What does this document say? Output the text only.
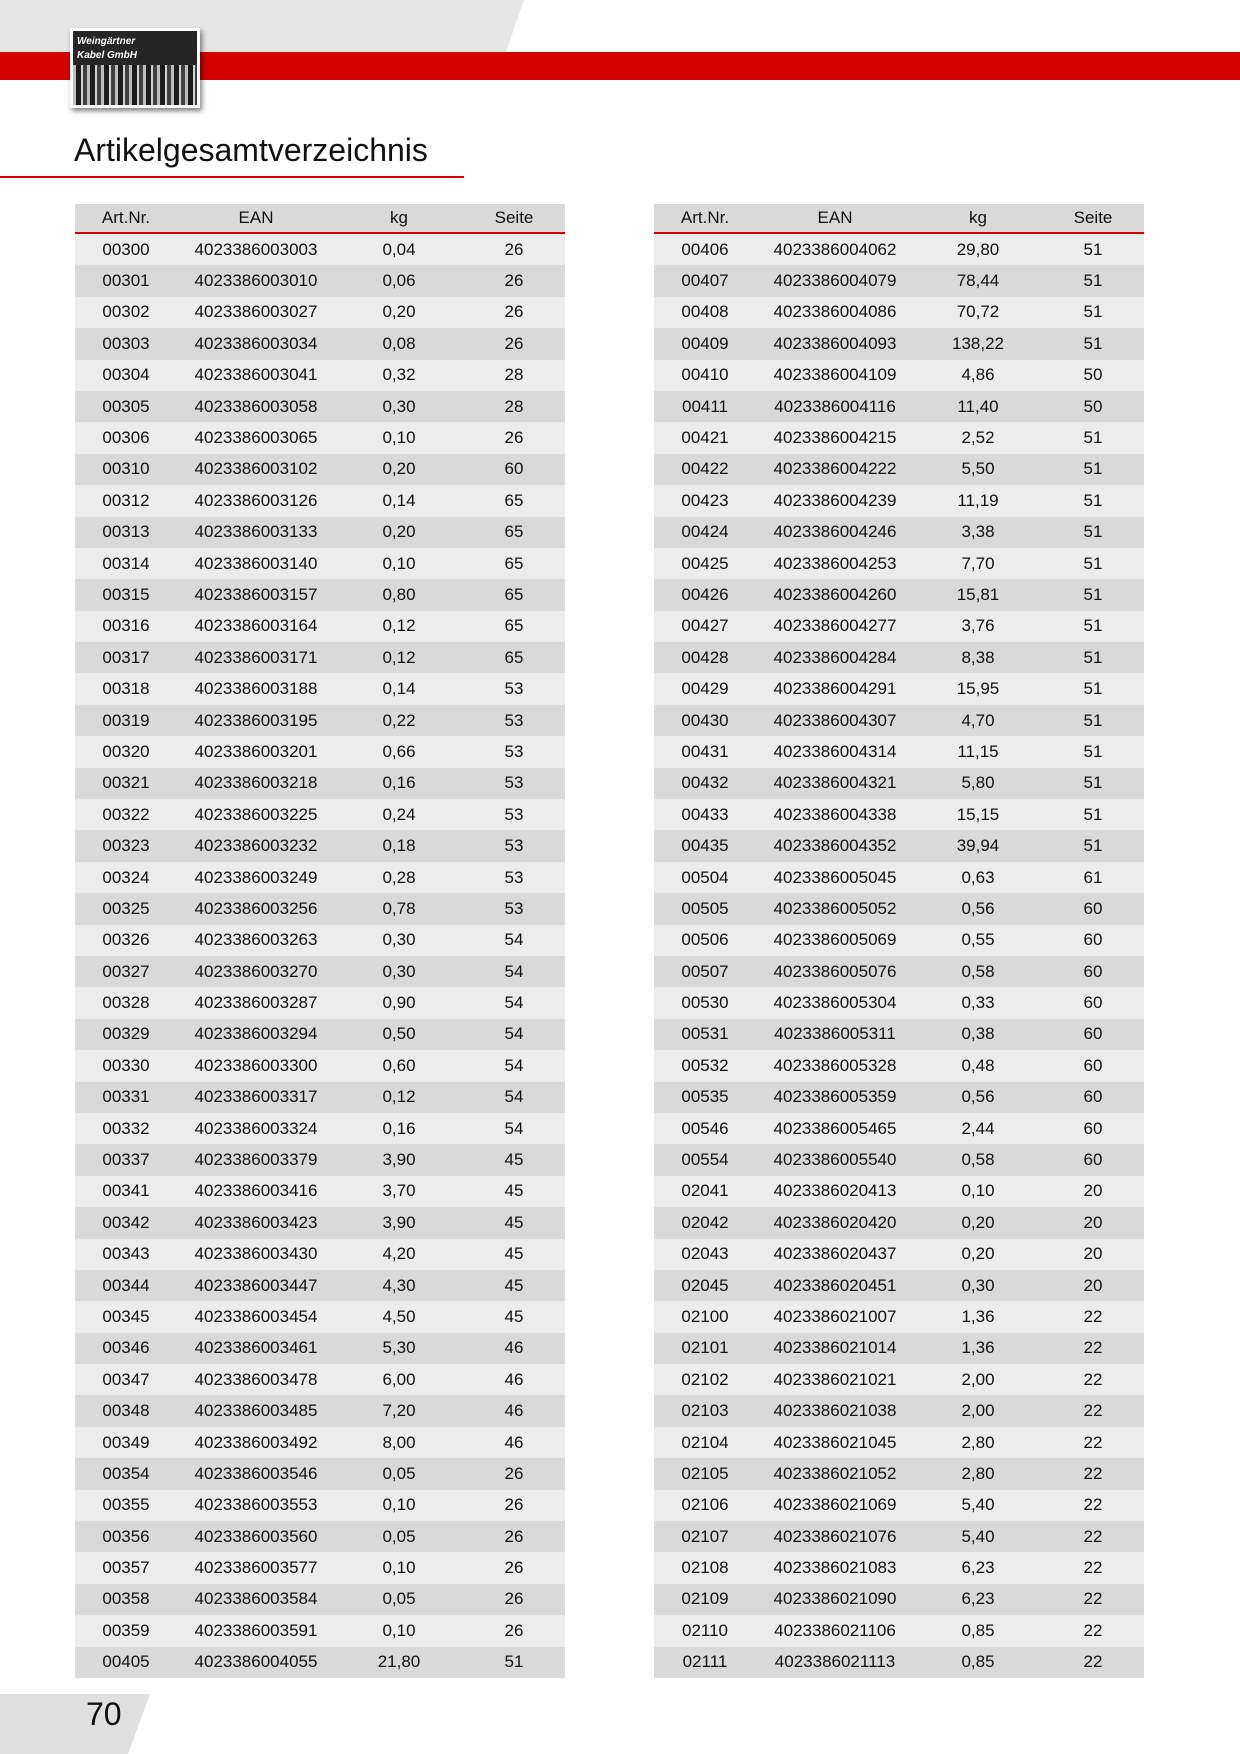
Weingärtner
Kabel GmbH
Artikelgesamtverzeichnis
Art.Nr.	EAN	kg	Seite
00300	4023386003003	0,04	26
00301	4023386003010	0,06	26
00302	4023386003027	0,20	26
00303	4023386003034	0,08	26
00304	4023386003041	0,32	28
00305	4023386003058	0,30	28
00306	4023386003065	0,10	26
00310	4023386003102	0,20	60
00312	4023386003126	0,14	65
00313	4023386003133	0,20	65
00314	4023386003140	0,10	65
00315	4023386003157	0,80	65
00316	4023386003164	0,12	65
00317	4023386003171	0,12	65
00318	4023386003188	0,14	53
00319	4023386003195	0,22	53
00320	4023386003201	0,66	53
00321	4023386003218	0,16	53
00322	4023386003225	0,24	53
00323	4023386003232	0,18	53
00324	4023386003249	0,28	53
00325	4023386003256	0,78	53
00326	4023386003263	0,30	54
00327	4023386003270	0,30	54
00328	4023386003287	0,90	54
00329	4023386003294	0,50	54
00330	4023386003300	0,60	54
00331	4023386003317	0,12	54
00332	4023386003324	0,16	54
00337	4023386003379	3,90	45
00341	4023386003416	3,70	45
00342	4023386003423	3,90	45
00343	4023386003430	4,20	45
00344	4023386003447	4,30	45
00345	4023386003454	4,50	45
00346	4023386003461	5,30	46
00347	4023386003478	6,00	46
00348	4023386003485	7,20	46
00349	4023386003492	8,00	46
00354	4023386003546	0,05	26
00355	4023386003553	0,10	26
00356	4023386003560	0,05	26
00357	4023386003577	0,10	26
00358	4023386003584	0,05	26
00359	4023386003591	0,10	26
00405	4023386004055	21,80	51
Art.Nr.	EAN	kg	Seite
00406	4023386004062	29,80	51
00407	4023386004079	78,44	51
00408	4023386004086	70,72	51
00409	4023386004093	138,22	51
00410	4023386004109	4,86	50
00411	4023386004116	11,40	50
00421	4023386004215	2,52	51
00422	4023386004222	5,50	51
00423	4023386004239	11,19	51
00424	4023386004246	3,38	51
00425	4023386004253	7,70	51
00426	4023386004260	15,81	51
00427	4023386004277	3,76	51
00428	4023386004284	8,38	51
00429	4023386004291	15,95	51
00430	4023386004307	4,70	51
00431	4023386004314	11,15	51
00432	4023386004321	5,80	51
00433	4023386004338	15,15	51
00435	4023386004352	39,94	51
00504	4023386005045	0,63	61
00505	4023386005052	0,56	60
00506	4023386005069	0,55	60
00507	4023386005076	0,58	60
00530	4023386005304	0,33	60
00531	4023386005311	0,38	60
00532	4023386005328	0,48	60
00535	4023386005359	0,56	60
00546	4023386005465	2,44	60
00554	4023386005540	0,58	60
02041	4023386020413	0,10	20
02042	4023386020420	0,20	20
02043	4023386020437	0,20	20
02045	4023386020451	0,30	20
02100	4023386021007	1,36	22
02101	4023386021014	1,36	22
02102	4023386021021	2,00	22
02103	4023386021038	2,00	22
02104	4023386021045	2,80	22
02105	4023386021052	2,80	22
02106	4023386021069	5,40	22
02107	4023386021076	5,40	22
02108	4023386021083	6,23	22
02109	4023386021090	6,23	22
02110	4023386021106	0,85	22
02111	4023386021113	0,85	22
70
